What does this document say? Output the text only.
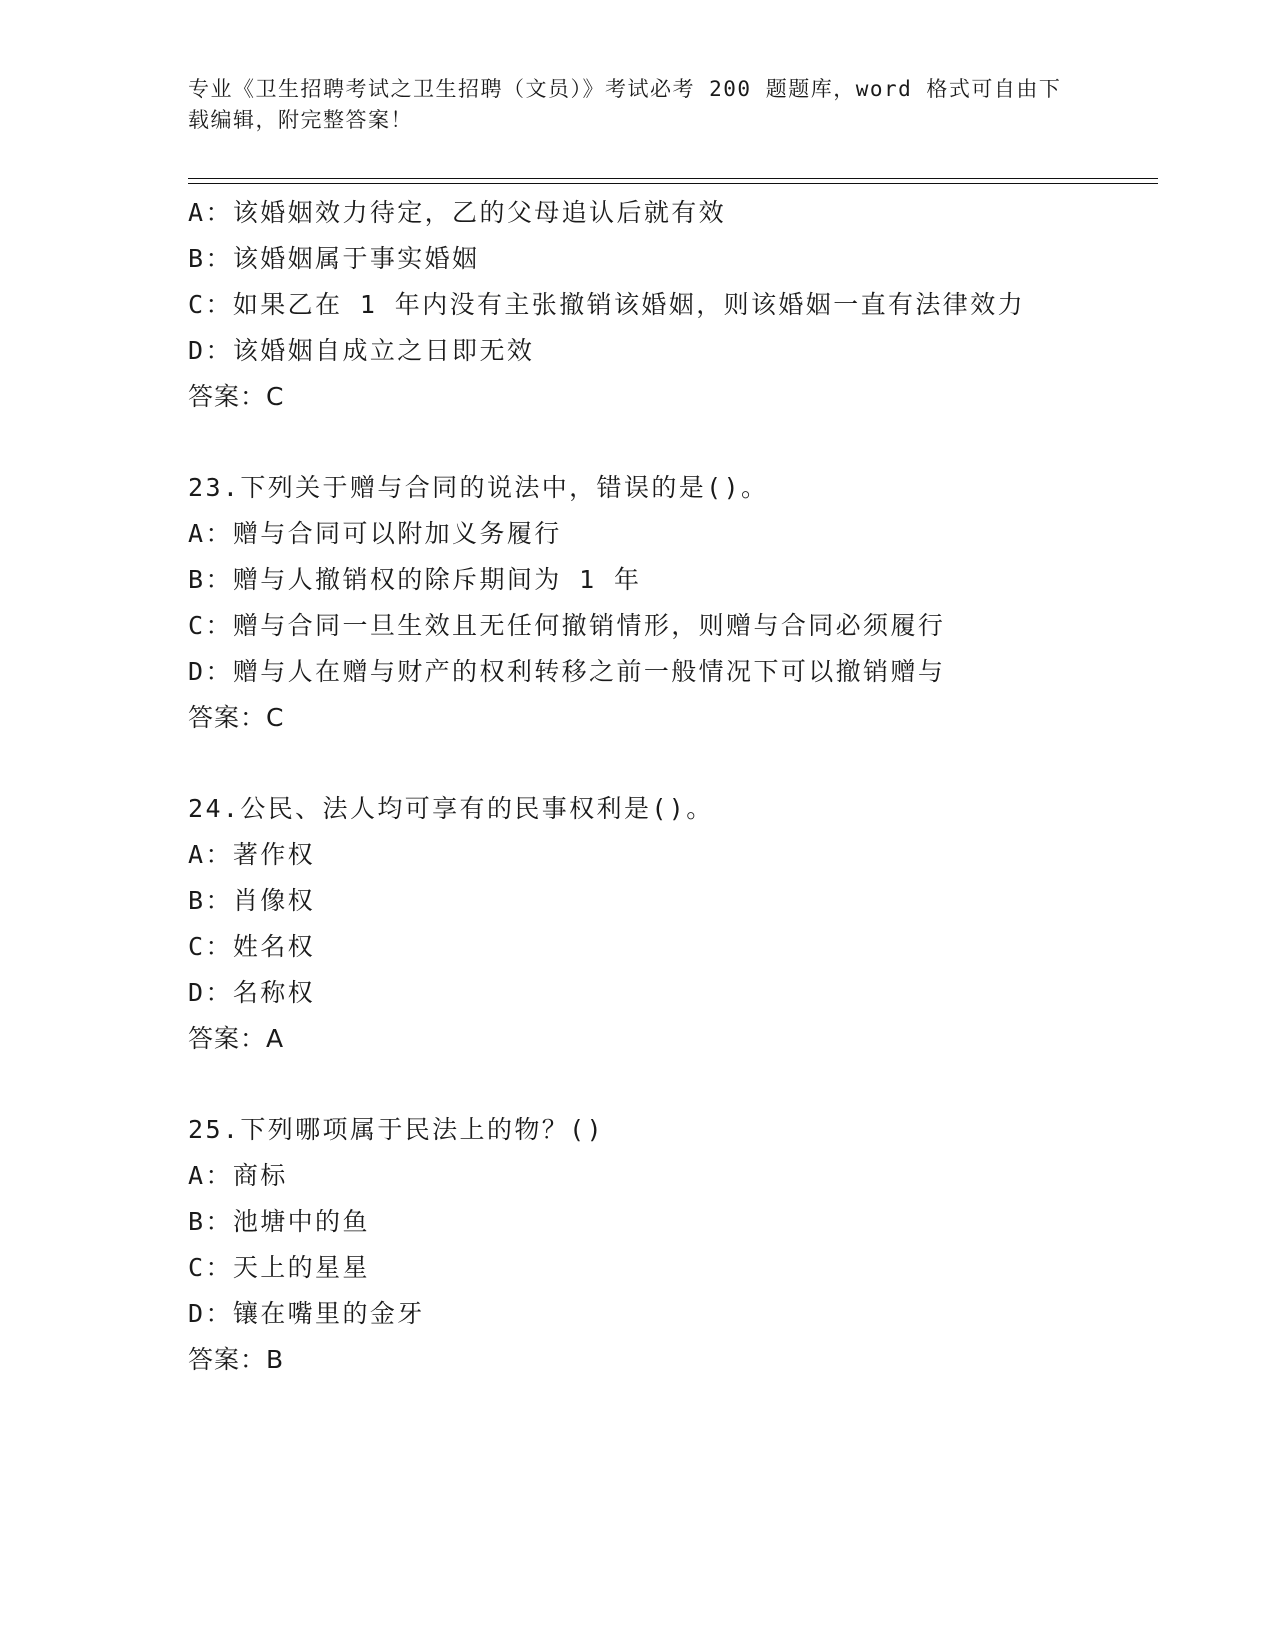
专业《卫生招聘考试之卫生招聘（文员）》考试必考 200 题题库，word 格式可自由下载编辑，附完整答案！
A：该婚姻效力待定，乙的父母追认后就有效
B：该婚姻属于事实婚姻
C：如果乙在 1 年内没有主张撤销该婚姻，则该婚姻一直有法律效力
D：该婚姻自成立之日即无效
答案：C
23.下列关于赠与合同的说法中，错误的是()。
A：赠与合同可以附加义务履行
B：赠与人撤销权的除斥期间为 1 年
C：赠与合同一旦生效且无任何撤销情形，则赠与合同必须履行
D：赠与人在赠与财产的权利转移之前一般情况下可以撤销赠与
答案：C
24.公民、法人均可享有的民事权利是()。
A：著作权
B：肖像权
C：姓名权
D：名称权
答案：A
25.下列哪项属于民法上的物？()
A：商标
B：池塘中的鱼
C：天上的星星
D：镶在嘴里的金牙
答案：B
